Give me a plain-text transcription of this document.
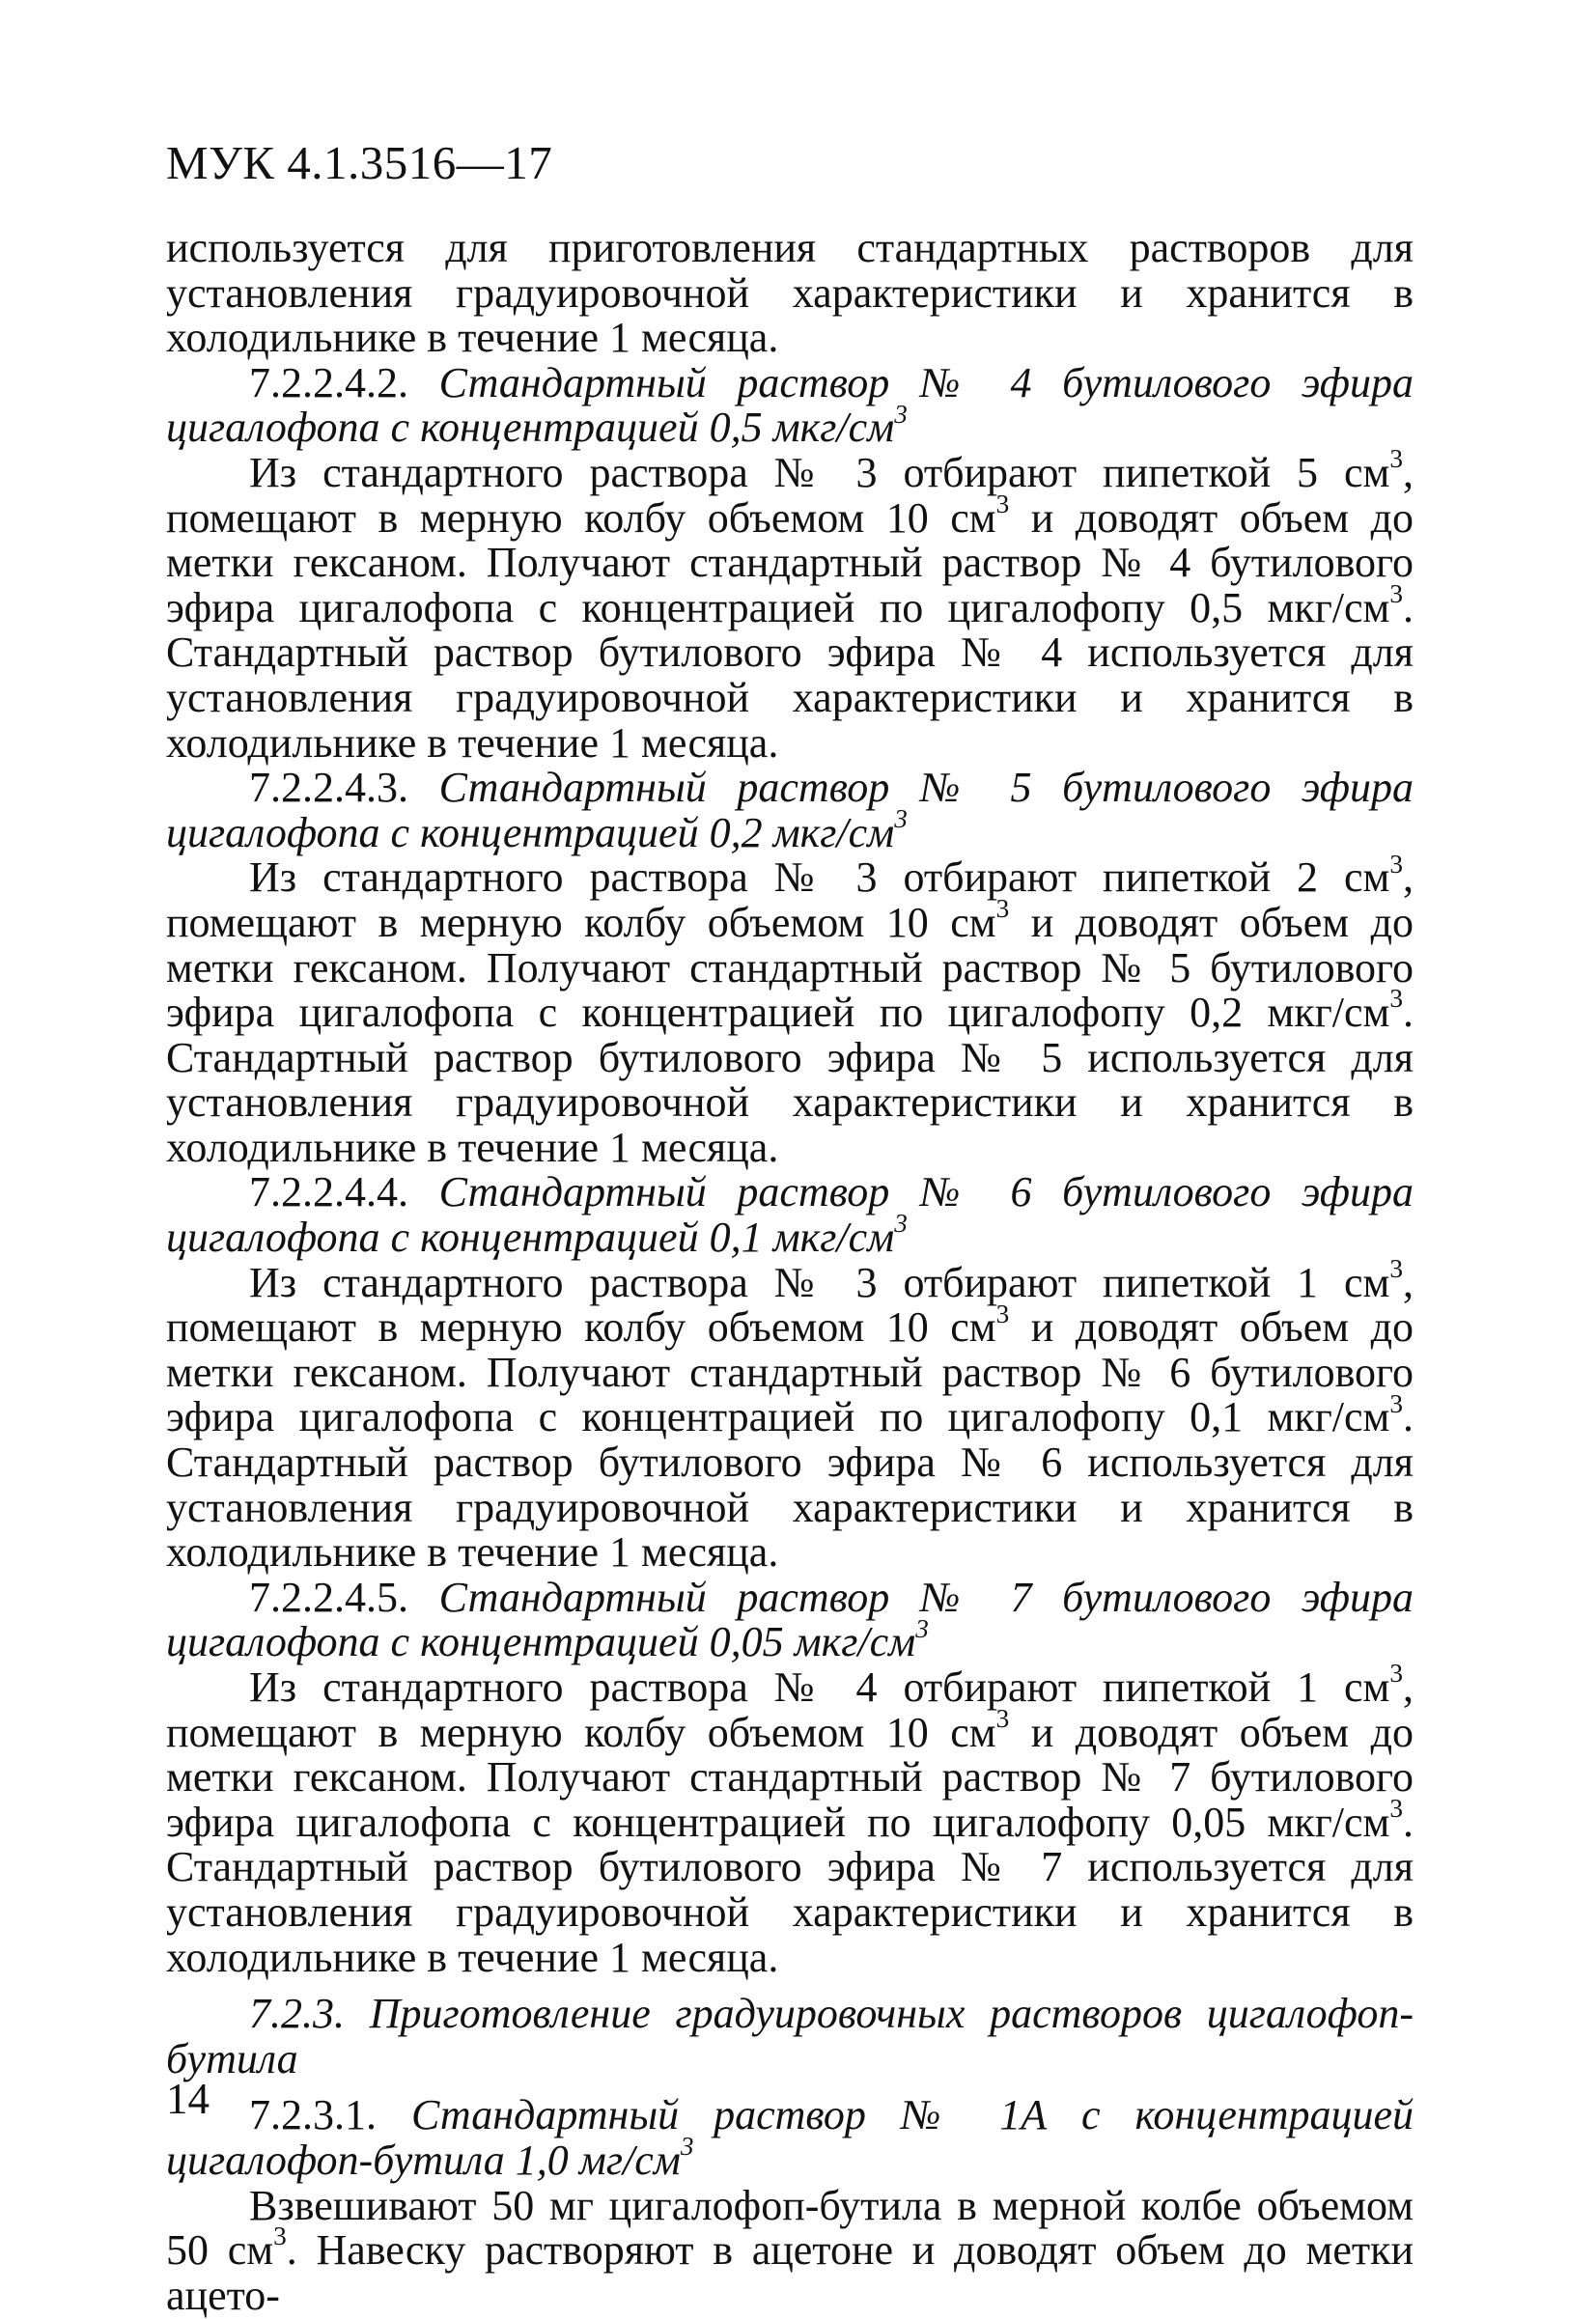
МУК 4.1.3516—17

используется для приготовления стандартных растворов для установления градуировочной характеристики и хранится в холодильнике в течение 1 месяца.

7.2.2.4.2. Стандартный раствор № 4 бутилового эфира цигалофопа с концентрацией 0,5 мкг/$см^3$

Из стандартного раствора № 3 отбирают пипеткой 5 $см^3$, помещают в мерную колбу объемом 10 $см^3$ и доводят объем до метки гексаном. Получают стандартный раствор № 4 бутилового эфира цигалофопа с концентрацией по цигалофопу 0,5 мкг/$см^3$. Стандартный раствор бутилового эфира № 4 используется для установления градуировочной характеристики и хранится в холодильнике в течение 1 месяца.

7.2.2.4.3. Стандартный раствор № 5 бутилового эфира цигалофопа с концентрацией 0,2 мкг/$см^3$

Из стандартного раствора № 3 отбирают пипеткой 2 $см^3$, помещают в мерную колбу объемом 10 $см^3$ и доводят объем до метки гексаном. Получают стандартный раствор № 5 бутилового эфира цигалофопа с концентрацией по цигалофопу 0,2 мкг/$см^3$. Стандартный раствор бутилового эфира № 5 используется для установления градуировочной характеристики и хранится в холодильнике в течение 1 месяца.

7.2.2.4.4. Стандартный раствор № 6 бутилового эфира цигалофопа с концентрацией 0,1 мкг/$см^3$

Из стандартного раствора № 3 отбирают пипеткой 1 $см^3$, помещают в мерную колбу объемом 10 $см^3$ и доводят объем до метки гексаном. Получают стандартный раствор № 6 бутилового эфира цигалофопа с концентрацией по цигалофопу 0,1 мкг/$см^3$. Стандартный раствор бутилового эфира № 6 используется для установления градуировочной характеристики и хранится в холодильнике в течение 1 месяца.

7.2.2.4.5. Стандартный раствор № 7 бутилового эфира цигалофопа с концентрацией 0,05 мкг/$см^3$

Из стандартного раствора № 4 отбирают пипеткой 1 $см^3$, помещают в мерную колбу объемом 10 $см^3$ и доводят объем до метки гексаном. Получают стандартный раствор № 7 бутилового эфира цигалофопа с концентрацией по цигалофопу 0,05 мкг/$см^3$. Стандартный раствор бутилового эфира № 7 используется для установления градуировочной характеристики и хранится в холодильнике в течение 1 месяца.

7.2.3. Приготовление градуировочных растворов цигалофоп-бутила

7.2.3.1. Стандартный раствор № 1А с концентрацией цигалофоп-бутила 1,0 $мг/см^3$

Взвешивают 50 мг цигалофоп-бутила в мерной колбе объемом 50 $см^3$. Навеску растворяют в ацетоне и доводят объем до метки ацето-

14
